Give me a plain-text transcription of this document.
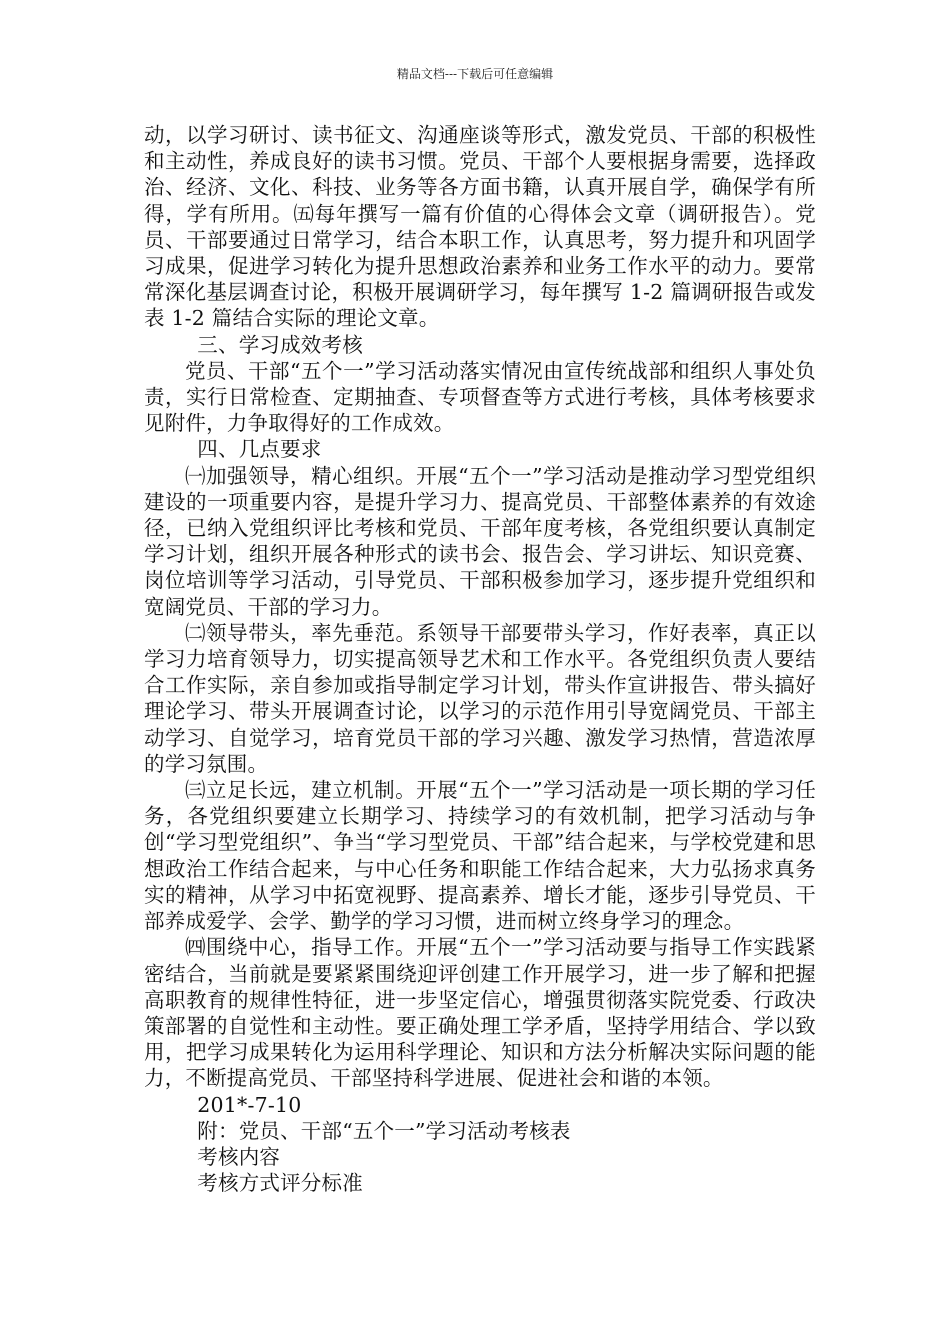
精品文档---下载后可任意编辑

动，以学习研讨、读书征文、沟通座谈等形式，激发党员、干部的积极性和主动性，养成良好的读书习惯。党员、干部个人要根据身需要，选择政治、经济、文化、科技、业务等各方面书籍，认真开展自学，确保学有所得，学有所用。㈤每年撰写一篇有价值的心得体会文章（调研报告）。党员、干部要通过日常学习，结合本职工作，认真思考，努力提升和巩固学习成果，促进学习转化为提升思想政治素养和业务工作水平的动力。要常常深化基层调查讨论，积极开展调研学习，每年撰写 1-2 篇调研报告或发表 1-2 篇结合实际的理论文章。

三、学习成效考核

党员、干部“五个一”学习活动落实情况由宣传统战部和组织人事处负责，实行日常检查、定期抽查、专项督查等方式进行考核，具体考核要求见附件，力争取得好的工作成效。

四、几点要求

㈠加强领导，精心组织。开展“五个一”学习活动是推动学习型党组织建设的一项重要内容，是提升学习力、提高党员、干部整体素养的有效途径，已纳入党组织评比考核和党员、干部年度考核，各党组织要认真制定学习计划，组织开展各种形式的读书会、报告会、学习讲坛、知识竞赛、岗位培训等学习活动，引导党员、干部积极参加学习，逐步提升党组织和宽阔党员、干部的学习力。

㈡领导带头，率先垂范。系领导干部要带头学习，作好表率，真正以学习力培育领导力，切实提高领导艺术和工作水平。各党组织负责人要结合工作实际，亲自参加或指导制定学习计划，带头作宣讲报告、带头搞好理论学习、带头开展调查讨论，以学习的示范作用引导宽阔党员、干部主动学习、自觉学习，培育党员干部的学习兴趣、激发学习热情，营造浓厚的学习氛围。

㈢立足长远，建立机制。开展“五个一”学习活动是一项长期的学习任务，各党组织要建立长期学习、持续学习的有效机制，把学习活动与争创“学习型党组织”、争当“学习型党员、干部”结合起来，与学校党建和思想政治工作结合起来，与中心任务和职能工作结合起来，大力弘扬求真务实的精神，从学习中拓宽视野、提高素养、增长才能，逐步引导党员、干部养成爱学、会学、勤学的学习习惯，进而树立终身学习的理念。

㈣围绕中心，指导工作。开展“五个一”学习活动要与指导工作实践紧密结合，当前就是要紧紧围绕迎评创建工作开展学习，进一步了解和把握高职教育的规律性特征，进一步坚定信心，增强贯彻落实院党委、行政决策部署的自觉性和主动性。要正确处理工学矛盾，坚持学用结合、学以致用，把学习成果转化为运用科学理论、知识和方法分析解决实际问题的能力，不断提高党员、干部坚持科学进展、促进社会和谐的本领。

201*-7-10

附：党员、干部“五个一”学习活动考核表

考核内容

考核方式评分标准
